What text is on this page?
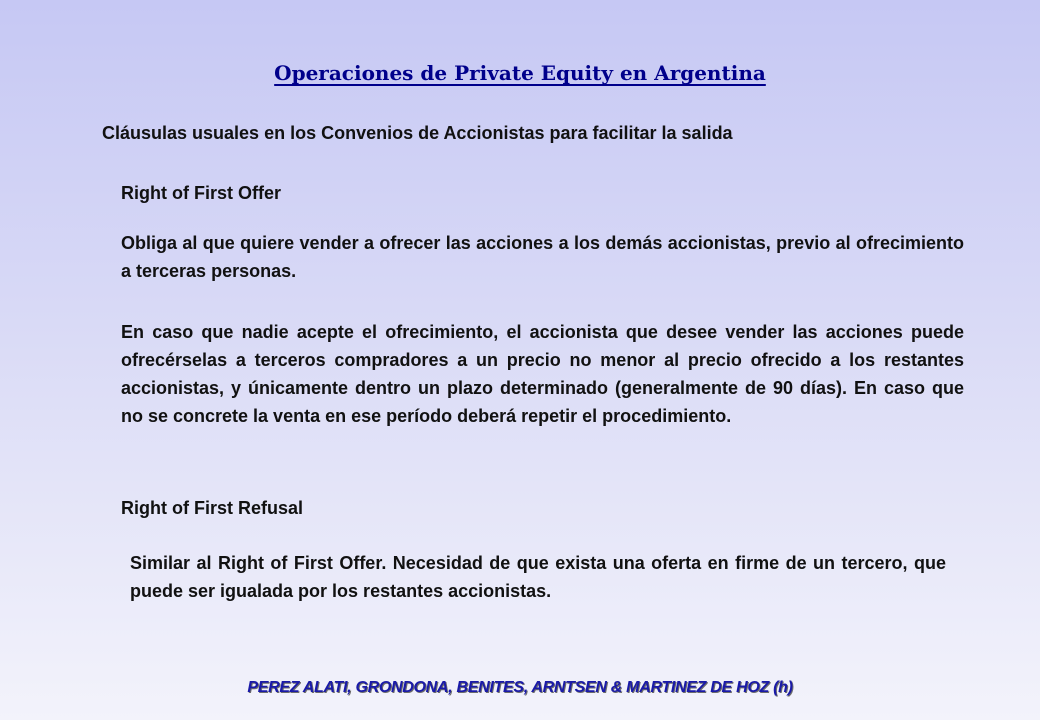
Operaciones de Private Equity en Argentina
Cláusulas usuales en los Convenios de Accionistas para facilitar la salida
Right of First Offer
Obliga al que quiere vender a ofrecer las acciones a los demás accionistas, previo al ofrecimiento a terceras personas.
En caso que nadie acepte el ofrecimiento, el accionista que desee vender las acciones puede ofrecérselas a terceros compradores a un precio no menor al precio ofrecido a los restantes accionistas, y únicamente dentro un plazo determinado (generalmente de 90 días). En caso que no se concrete la venta en ese período deberá repetir el procedimiento.
Right of First Refusal
Similar al Right of First Offer. Necesidad de que exista una oferta en firme de un tercero, que puede ser igualada por los restantes accionistas.
PEREZ ALATI, GRONDONA, BENITES, ARNTSEN & MARTINEZ DE HOZ (h)
